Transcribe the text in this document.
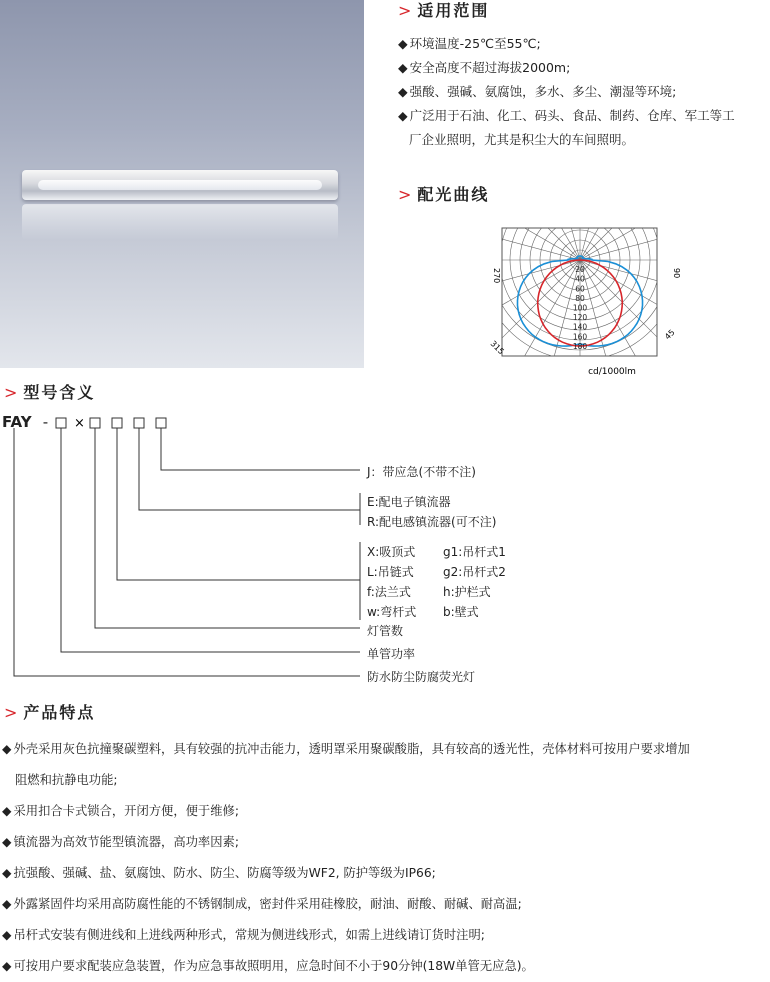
> 适用范围
◆ 环境温度-25℃至55℃;
◆ 安全高度不超过海拔2000m;
◆ 强酸、强碱、氨腐蚀，多水、多尘、潮湿等环境;
◆ 广泛用于石油、化工、码头、食品、制药、仓库、军工等工
厂企业照明，尤其是积尘大的车间照明。
> 配光曲线
20
40
60
80
100
120
140
160
180
270	90
315
45
cd/1000lm
> 型号含义
FAY - ×
J：带应急(不带不注)
E:配电子镇流器
R:配电感镇流器(可不注)
X:吸顶式
L:吊链式
f:法兰式
w:弯杆式
g1:吊杆式1
g2:吊杆式2
h:护栏式
b:壁式
灯管数
单管功率
防水防尘防腐荧光灯
> 产品特点
◆ 外壳采用灰色抗撞聚碳塑料，具有较强的抗冲击能力，透明罩采用聚碳酸脂，具有较高的透光性，壳体材料可按用户要求增加
阻燃和抗静电功能;
◆ 采用扣合卡式锁合，开闭方便，便于维修;
◆ 镇流器为高效节能型镇流器，高功率因素;
◆ 抗强酸、强碱、盐、氨腐蚀、防水、防尘、防腐等级为WF2, 防护等级为IP66;
◆ 外露紧固件均采用高防腐性能的不锈钢制成，密封件采用硅橡胶，耐油、耐酸、耐碱、耐高温;
◆ 吊杆式安装有侧进线和上进线两种形式，常规为侧进线形式，如需上进线请订货时注明;
◆ 可按用户要求配装应急装置，作为应急事故照明用，应急时间不小于90分钟(18W单管无应急)。
